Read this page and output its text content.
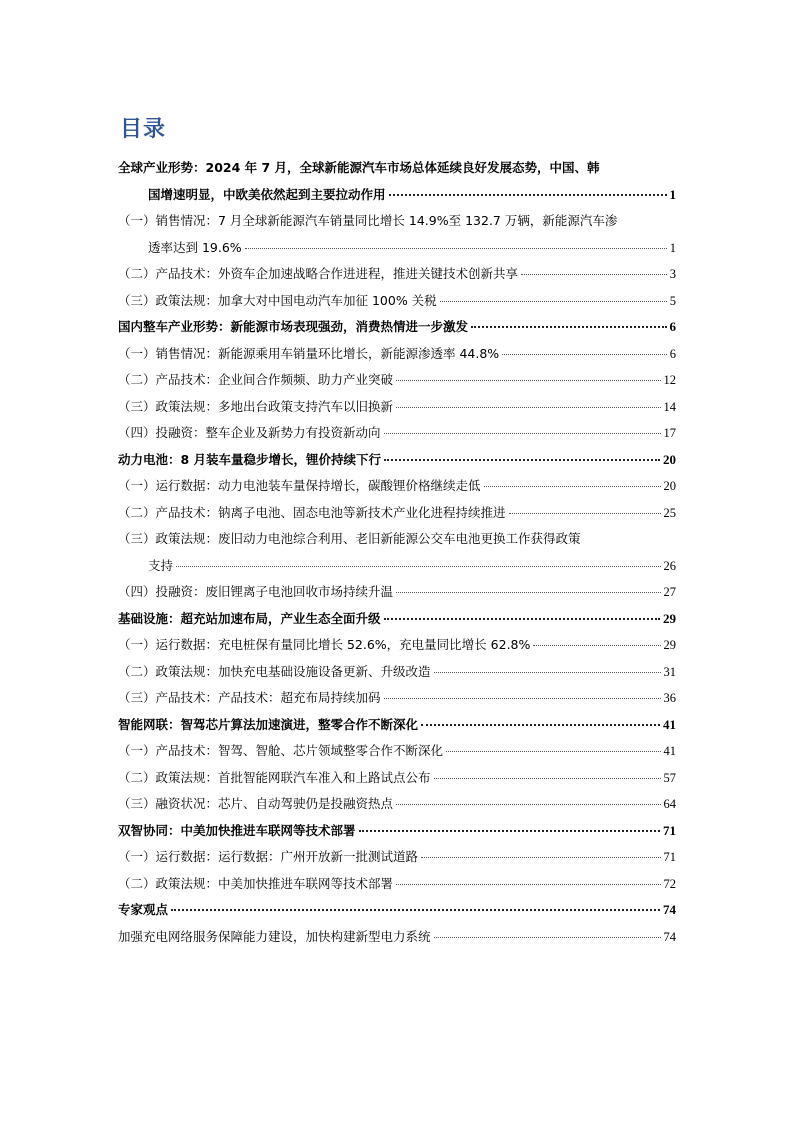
目录
全球产业形势：2024 年 7 月，全球新能源汽车市场总体延续良好发展态势，中国、韩
国增速明显，中欧美依然起到主要拉动作用	1
（一）销售情况：7 月全球新能源汽车销量同比增长 14.9%至 132.7 万辆，新能源汽车渗
透率达到 19.6%	1
（二）产品技术：外资车企加速战略合作进进程，推进关键技术创新共享	3
（三）政策法规：加拿大对中国电动汽车加征 100% 关税	5
国内整车产业形势：新能源市场表现强劲，消费热情进一步激发	6
（一）销售情况：新能源乘用车销量环比增长，新能源渗透率 44.8%	6
（二）产品技术：企业间合作频频、助力产业突破	12
（三）政策法规：多地出台政策支持汽车以旧换新	14
（四）投融资：整车企业及新势力有投资新动向	17
动力电池：8 月装车量稳步增长，锂价持续下行	20
（一）运行数据：动力电池装车量保持增长，碳酸锂价格继续走低	20
（二）产品技术：钠离子电池、固态电池等新技术产业化进程持续推进	25
（三）政策法规：废旧动力电池综合利用、老旧新能源公交车电池更换工作获得政策
支持	26
（四）投融资：废旧锂离子电池回收市场持续升温	27
基础设施：超充站加速布局，产业生态全面升级	29
（一）运行数据：充电桩保有量同比增长 52.6%，充电量同比增长 62.8%	29
（二）政策法规：加快充电基础设施设备更新、升级改造	31
（三）产品技术：产品技术：超充布局持续加码	36
智能网联：智驾芯片算法加速演进，整零合作不断深化	41
（一）产品技术：智驾、智舱、芯片领域整零合作不断深化	41
（二）政策法规：首批智能网联汽车准入和上路试点公布	57
（三）融资状况：芯片、自动驾驶仍是投融资热点	64
双智协同：中美加快推进车联网等技术部署	71
（一）运行数据：运行数据：广州开放新一批测试道路	71
（二）政策法规：中美加快推进车联网等技术部署	72
专家观点	74
加强充电网络服务保障能力建设，加快构建新型电力系统	74
